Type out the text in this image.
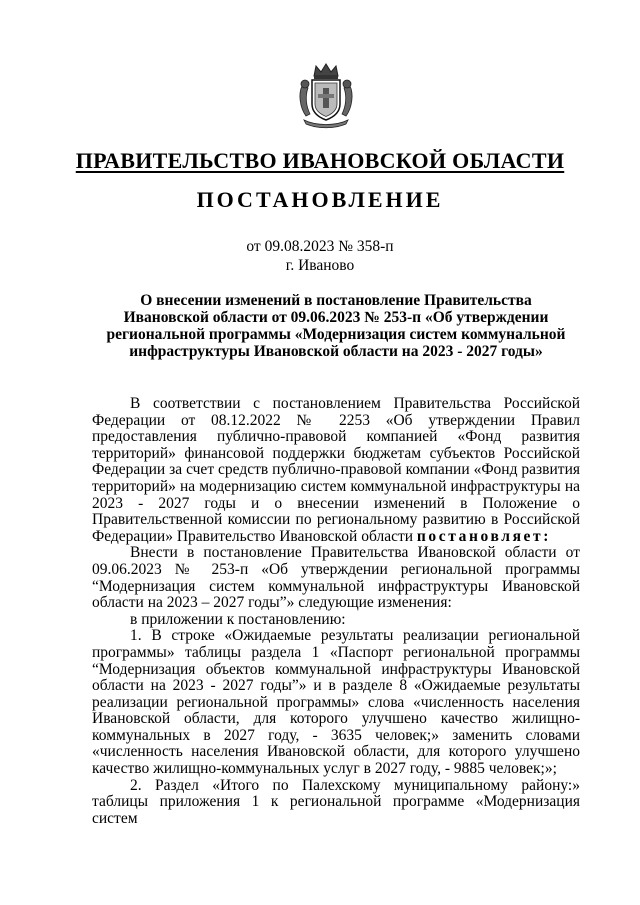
ПРАВИТЕЛЬСТВО ИВАНОВСКОЙ ОБЛАСТИ
ПОСТАНОВЛЕНИЕ
от 09.08.2023 № 358-п
г. Иваново
О внесении изменений в постановление Правительства Ивановской области от 09.06.2023 № 253-п «Об утверждении региональной программы «Модернизация систем коммунальной инфраструктуры Ивановской области на 2023 - 2027 годы»

В соответствии с постановлением Правительства Российской Федерации от 08.12.2022 № 2253 «Об утверждении Правил предоставления публично-правовой компанией «Фонд развития территорий» финансовой поддержки бюджетам субъектов Российской Федерации за счет средств публично-правовой компании «Фонд развития территорий» на модернизацию систем коммунальной инфраструктуры на 2023 - 2027 годы и о внесении изменений в Положение о Правительственной комиссии по региональному развитию в Российской Федерации» Правительство Ивановской области постановляет:

Внести в постановление Правительства Ивановской области от 09.06.2023 № 253-п «Об утверждении региональной программы “Модернизация систем коммунальной инфраструктуры Ивановской области на 2023 – 2027 годы”» следующие изменения:

в приложении к постановлению:

1. В строке «Ожидаемые результаты реализации региональной программы» таблицы раздела 1 «Паспорт региональной программы “Модернизация объектов коммунальной инфраструктуры Ивановской области на 2023 - 2027 годы”» и в разделе 8 «Ожидаемые результаты реализации региональной программы» слова «численность населения Ивановской области, для которого улучшено качество жилищно-коммунальных в 2027 году, - 3635 человек;» заменить словами «численность населения Ивановской области, для которого улучшено качество жилищно-коммунальных услуг в 2027 году, - 9885 человек;»;

2. Раздел «Итого по Палехскому муниципальному району:» таблицы приложения 1 к региональной программе «Модернизация систем
